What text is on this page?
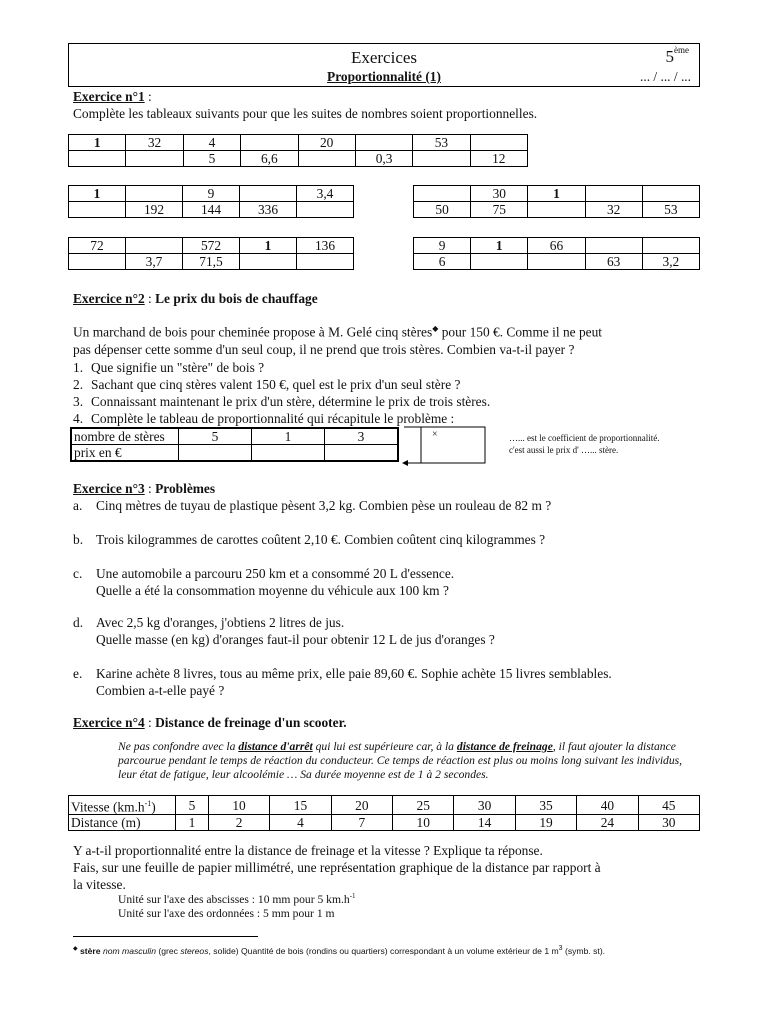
Exercices	5ème
Proportionnalité (1)	... / ... / ...
Exercice n°1 :
Complète les tableaux suivants pour que les suites de nombres soient proportionnelles.
1	32	4		20		53	
		5	6,6		0,3		12
1		9		3,4
	192	144	336	
	30	1		
50	75		32	53
72		572	1	136
	3,7	71,5		
9	1	66		
6			63	3,2
Exercice n°2 : Le prix du bois de chauffage
Un marchand de bois pour cheminée propose à M. Gelé cinq stères◆ pour 150 €. Comme il ne peut
pas dépenser cette somme d'un seul coup, il ne prend que trois stères. Combien va-t-il payer ?
1. Que signifie un "stère" de bois ?
2. Sachant que cinq stères valent 150 €, quel est le prix d'un seul stère ?
3. Connaissant maintenant le prix d'un stère, détermine le prix de trois stères.
4. Complète le tableau de proportionnalité qui récapitule le problème :
nombre de stères	5	1	3
prix en €			
×	…... est le coefficient de proportionnalité.
c'est aussi le prix d' …... stère.
Exercice n°3 : Problèmes
a. Cinq mètres de tuyau de plastique pèsent 3,2 kg. Combien pèse un rouleau de 82 m ?
b. Trois kilogrammes de carottes coûtent 2,10 €. Combien coûtent cinq kilogrammes ?
c. Une automobile a parcouru 250 km et a consommé 20 L d'essence.
Quelle a été la consommation moyenne du véhicule aux 100 km ?
d. Avec 2,5 kg d'oranges, j'obtiens 2 litres de jus.
Quelle masse (en kg) d'oranges faut-il pour obtenir 12 L de jus d'oranges ?
e. Karine achète 8 livres, tous au même prix, elle paie 89,60 €. Sophie achète 15 livres semblables.
Combien a-t-elle payé ?
Exercice n°4 : Distance de freinage d'un scooter.
Ne pas confondre avec la distance d'arrêt qui lui est supérieure car, à la distance de freinage, il faut ajouter la distance parcourue pendant le temps de réaction du conducteur. Ce temps de réaction est plus ou moins long suivant les individus, leur état de fatigue, leur alcoolémie … Sa durée moyenne est de 1 à 2 secondes.
Vitesse $(km.h^{-1})$	5	10	15	20	25	30	35	40	45
Distance (m)	1	2	4	7	10	14	19	24	30
Y a-t-il proportionnalité entre la distance de freinage et la vitesse ? Explique ta réponse.
Fais, sur une feuille de papier millimétré, une représentation graphique de la distance par rapport à
la vitesse.
Unité sur l'axe des abscisses : 10 mm pour 5 $km.h^{-1}$
Unité sur l'axe des ordonnées : 5 mm pour 1 m
◆ stère nom masculin (grec stereos, solide) Quantité de bois (rondins ou quartiers) correspondant à un volume extérieur de 1 $m^3$ (symb. st).
